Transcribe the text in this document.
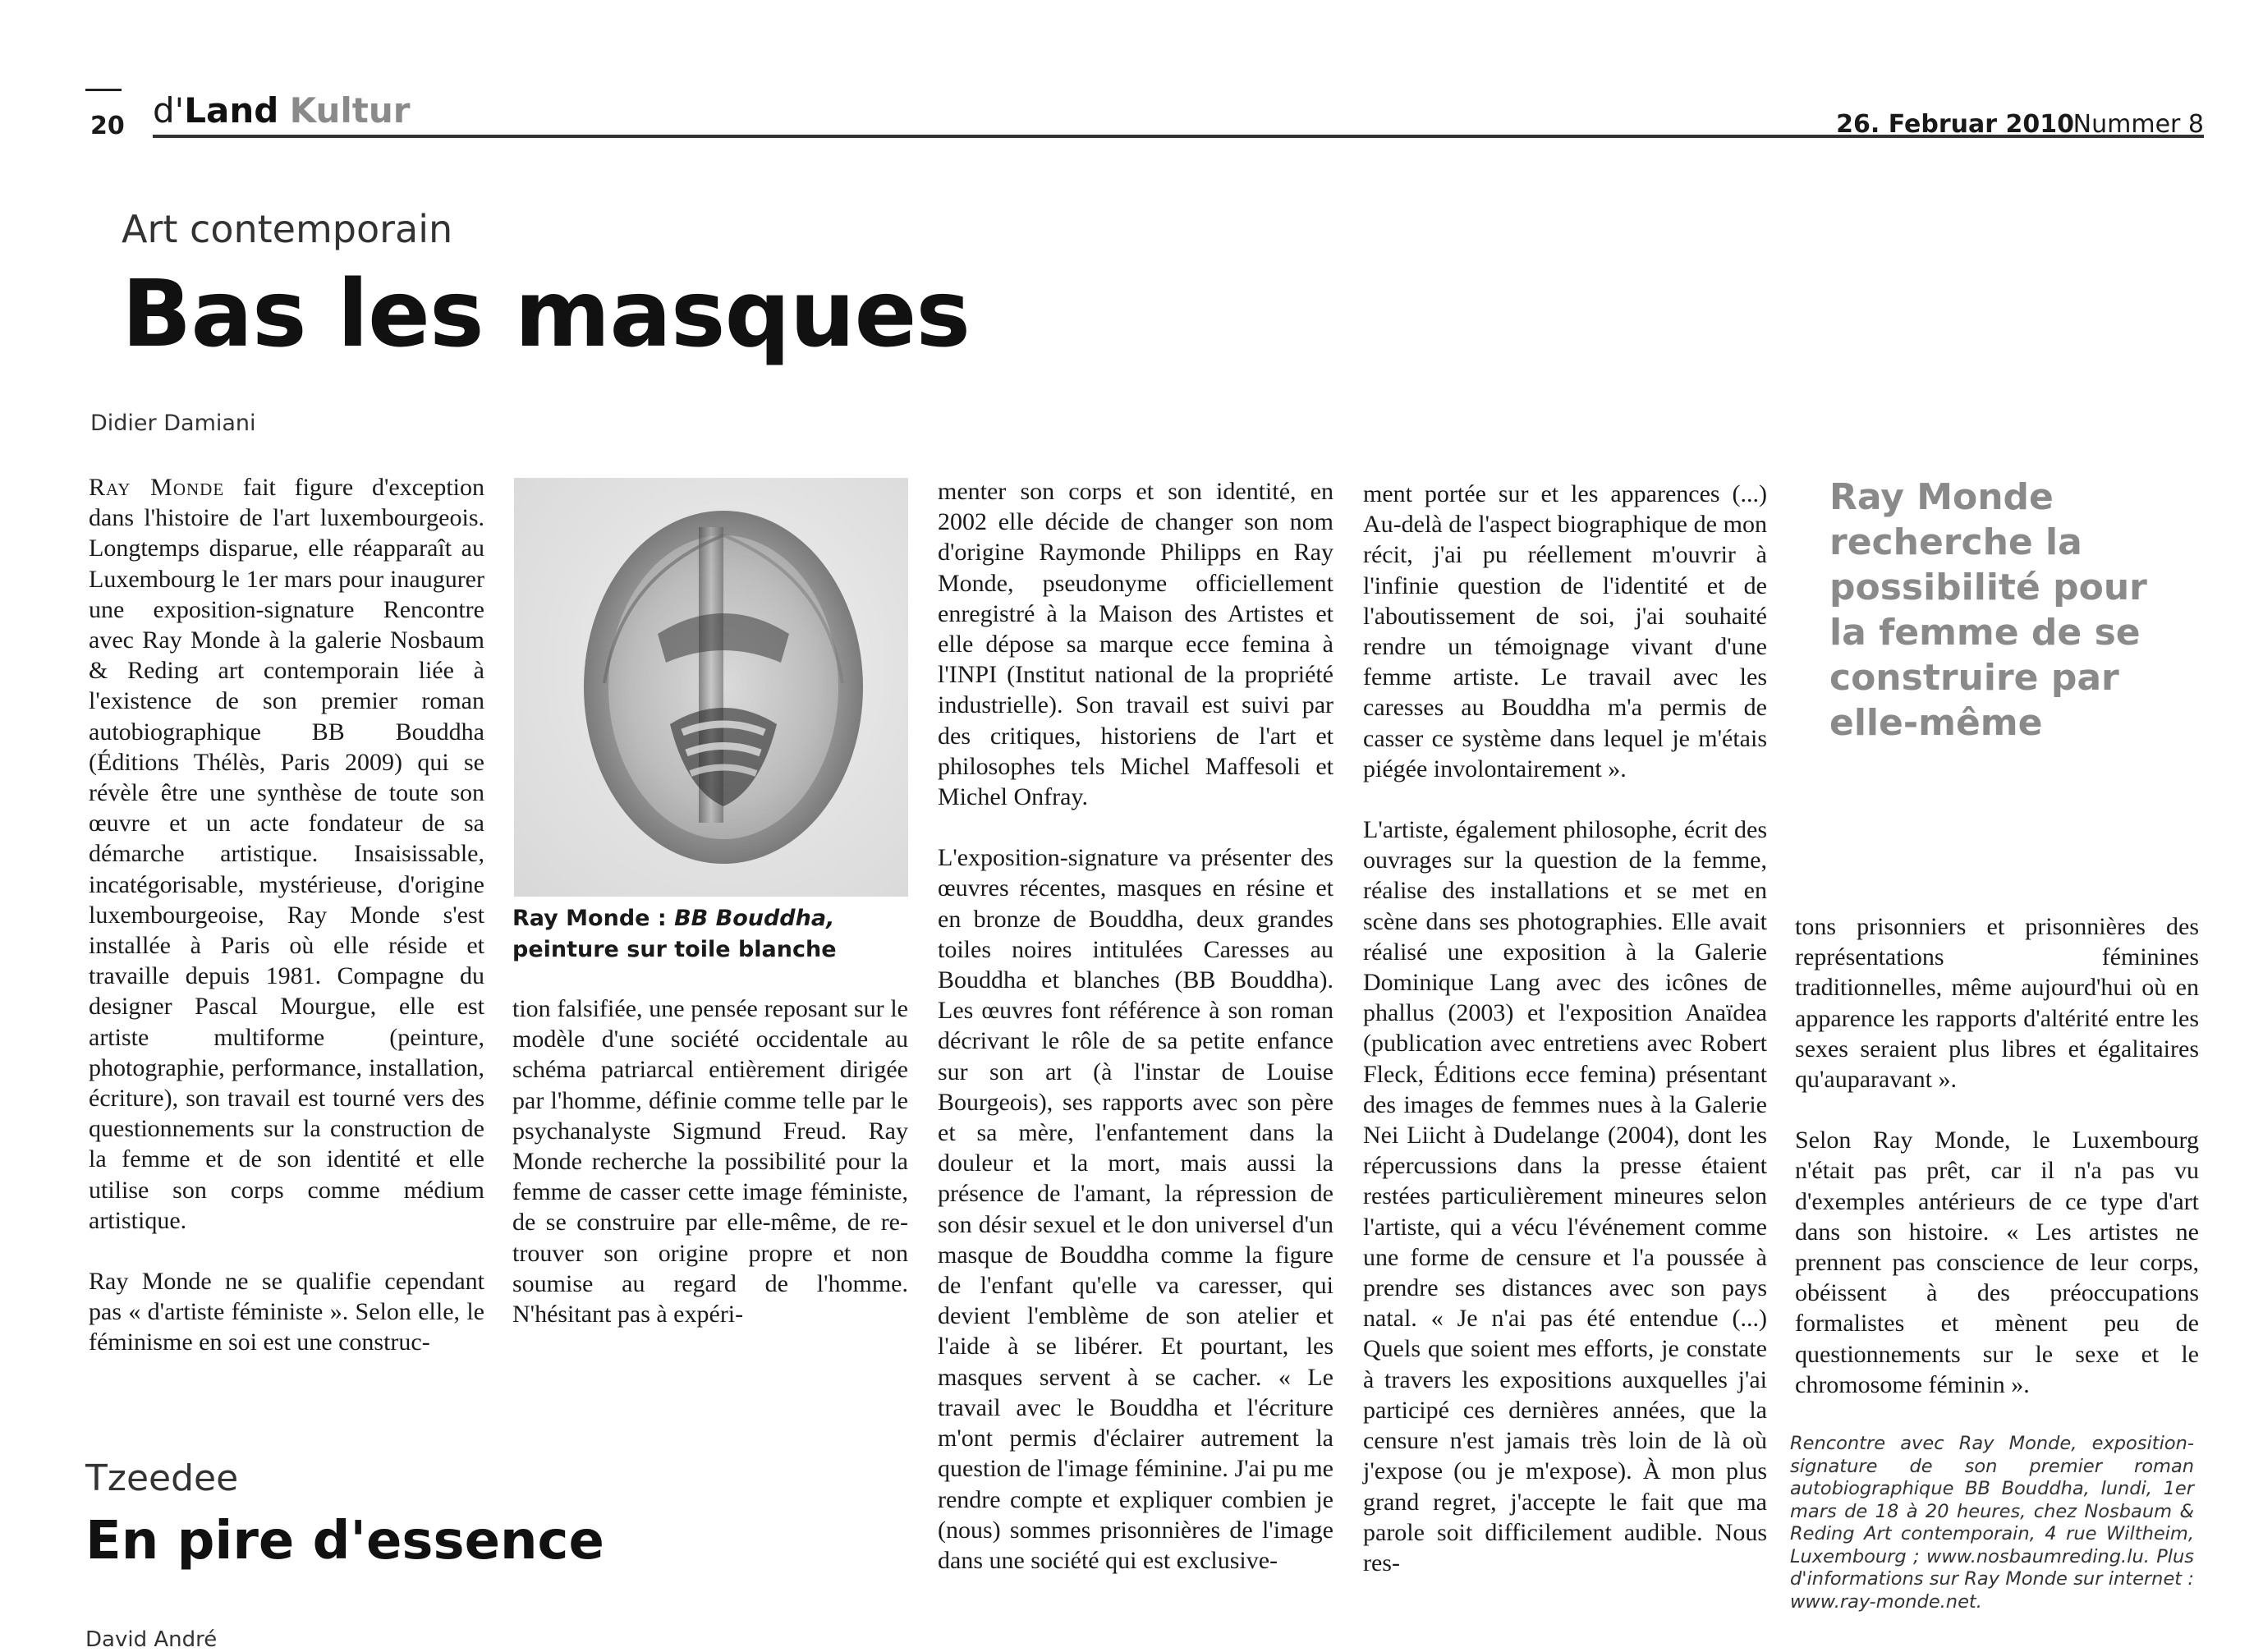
20 d'Land Kultur	26. Februar 2010
Nummer 8
Art contemporain
Bas les masques
Didier Damiani

Ray Monde fait figure d'exception dans l'histoire de l'art luxembourgeois. Longtemps disparue, elle réapparaît au Luxembourg le 1er mars pour inaugurer une exposition-signature Rencontre avec Ray Monde à la galerie Nosbaum & Reding art contemporain liée à l'existence de son premier roman autobiographique BB Bouddha (Éditions Thélès, Paris 2009) qui se révèle être une synthèse de toute son œuvre et un acte fondateur de sa démarche artistique. Insaisissable, incatégorisable, mystérieuse, d'origine luxembourgeoise, Ray Monde s'est installée à Paris où elle réside et travaille depuis 1981. Compagne du designer Pascal Mourgue, elle est artiste multiforme (peinture, photographie, performance, installation, écriture), son travail est tourné vers des questionnements sur la construction de la femme et de son identité et elle utilise son corps comme médium artistique.

Ray Monde ne se qualifie cependant pas « d'artiste féministe ». Selon elle, le féminisme en soi est une construc-

Ray Monde : BB Bouddha,
peinture sur toile blanche

tion falsifiée, une pensée reposant sur le modèle d'une société occidentale au schéma patriarcal entièrement dirigée par l'homme, définie comme telle par le psychanalyste Sigmund Freud. Ray Monde recherche la possibilité pour la femme de casser cette image féministe, de se construire par elle-même, de re-trouver son origine propre et non soumise au regard de l'homme. N'hésitant pas à expéri-

menter son corps et son identité, en 2002 elle décide de changer son nom d'origine Raymonde Philipps en Ray Monde, pseudonyme officiellement enregistré à la Maison des Artistes et elle dépose sa marque ecce femina à l'INPI (Institut national de la propriété industrielle). Son travail est suivi par des critiques, historiens de l'art et philosophes tels Michel Maffesoli et Michel Onfray.

L'exposition-signature va présenter des œuvres récentes, masques en résine et en bronze de Bouddha, deux grandes toiles noires intitulées Caresses au Bouddha et blanches (BB Bouddha). Les œuvres font référence à son roman décrivant le rôle de sa petite enfance sur son art (à l'instar de Louise Bourgeois), ses rapports avec son père et sa mère, l'enfantement dans la douleur et la mort, mais aussi la présence de l'amant, la répression de son désir sexuel et le don universel d'un masque de Bouddha comme la figure de l'enfant qu'elle va caresser, qui devient l'emblème de son atelier et l'aide à se libérer. Et pourtant, les masques servent à se cacher. « Le travail avec le Bouddha et l'écriture m'ont permis d'éclairer autrement la question de l'image féminine. J'ai pu me rendre compte et expliquer combien je (nous) sommes prisonnières de l'image dans une société qui est exclusive-

ment portée sur et les apparences (...) Au-delà de l'aspect biographique de mon récit, j'ai pu réellement m'ouvrir à l'infinie question de l'identité et de l'aboutissement de soi, j'ai souhaité rendre un témoignage vivant d'une femme artiste. Le travail avec les caresses au Bouddha m'a permis de casser ce système dans lequel je m'étais piégée involontairement ».

L'artiste, également philosophe, écrit des ouvrages sur la question de la femme, réalise des installations et se met en scène dans ses photographies. Elle avait réalisé une exposition à la Galerie Dominique Lang avec des icônes de phallus (2003) et l'exposition Anaïdea (publication avec entretiens avec Robert Fleck, Éditions ecce femina) présentant des images de femmes nues à la Galerie Nei Liicht à Dudelange (2004), dont les répercussions dans la presse étaient restées particulièrement mineures selon l'artiste, qui a vécu l'événement comme une forme de censure et l'a poussée à prendre ses distances avec son pays natal. « Je n'ai pas été entendue (...) Quels que soient mes efforts, je constate à travers les expositions auxquelles j'ai participé ces dernières années, que la censure n'est jamais très loin de là où j'expose (ou je m'expose). À mon plus grand regret, j'accepte le fait que ma parole soit difficilement audible. Nous res-

Ray Monde recherche la possibilité pour la femme de se construire par elle-même

tons prisonniers et prisonnières des représentations féminines traditionnelles, même aujourd'hui où en apparence les rapports d'altérité entre les sexes seraient plus libres et égalitaires qu'auparavant ».

Selon Ray Monde, le Luxembourg n'était pas prêt, car il n'a pas vu d'exemples antérieurs de ce type d'art dans son histoire. « Les artistes ne prennent pas conscience de leur corps, obéissent à des préoccupations formalistes et mènent peu de questionnements sur le sexe et le chromosome féminin ».

Rencontre avec Ray Monde, exposition-signature de son premier roman autobiographique BB Bouddha, lundi, 1er mars de 18 à 20 heures, chez Nosbaum & Reding Art contemporain, 4 rue Wiltheim, Luxembourg ; www.nosbaumreding.lu. Plus d'informations sur Ray Monde sur internet : www.ray-monde.net.
Tzeedee
En pire d'essence
David André
